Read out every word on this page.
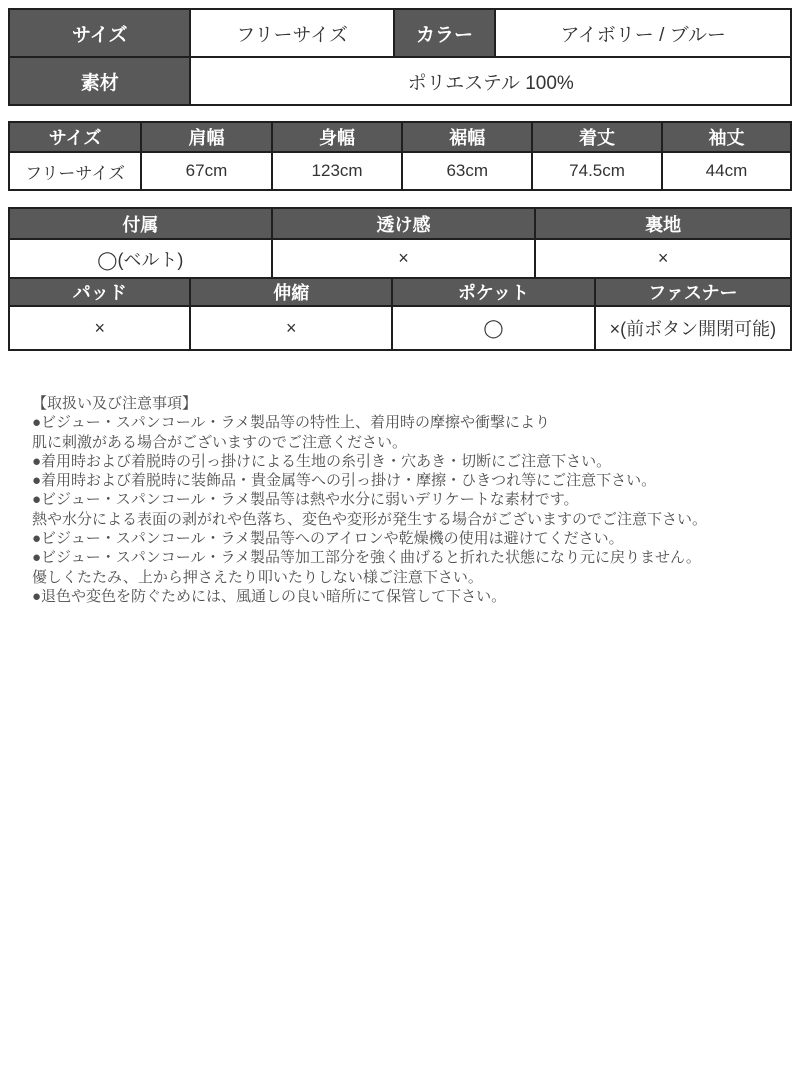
サイズ	フリーサイズ	カラー	アイボリー / ブルー
素材	ポリエステル 100%		
サイズ	肩幅	身幅	裾幅	着丈	袖丈
フリーサイズ	67cm	123cm	63cm	74.5cm	44cm
付属	透け感	裏地
◯(ベルト)	×	×
パッド	伸縮	ポケット	ファスナー
×	×	◯	×(前ボタン開閉可能)
【取扱い及び注意事項】
●ビジュー・スパンコール・ラメ製品等の特性上、着用時の摩擦や衝撃により
肌に刺激がある場合がございますのでご注意ください。
●着用時および着脱時の引っ掛けによる生地の糸引き・穴あき・切断にご注意下さい。
●着用時および着脱時に装飾品・貴金属等への引っ掛け・摩擦・ひきつれ等にご注意下さい。
●ビジュー・スパンコール・ラメ製品等は熱や水分に弱いデリケートな素材です。
熱や水分による表面の剥がれや色落ち、変色や変形が発生する場合がございますのでご注意下さい。
●ビジュー・スパンコール・ラメ製品等へのアイロンや乾燥機の使用は避けてください。
●ビジュー・スパンコール・ラメ製品等加工部分を強く曲げると折れた状態になり元に戻りません。
優しくたたみ、上から押さえたり叩いたりしない様ご注意下さい。
●退色や変色を防ぐためには、風通しの良い暗所にて保管して下さい。
